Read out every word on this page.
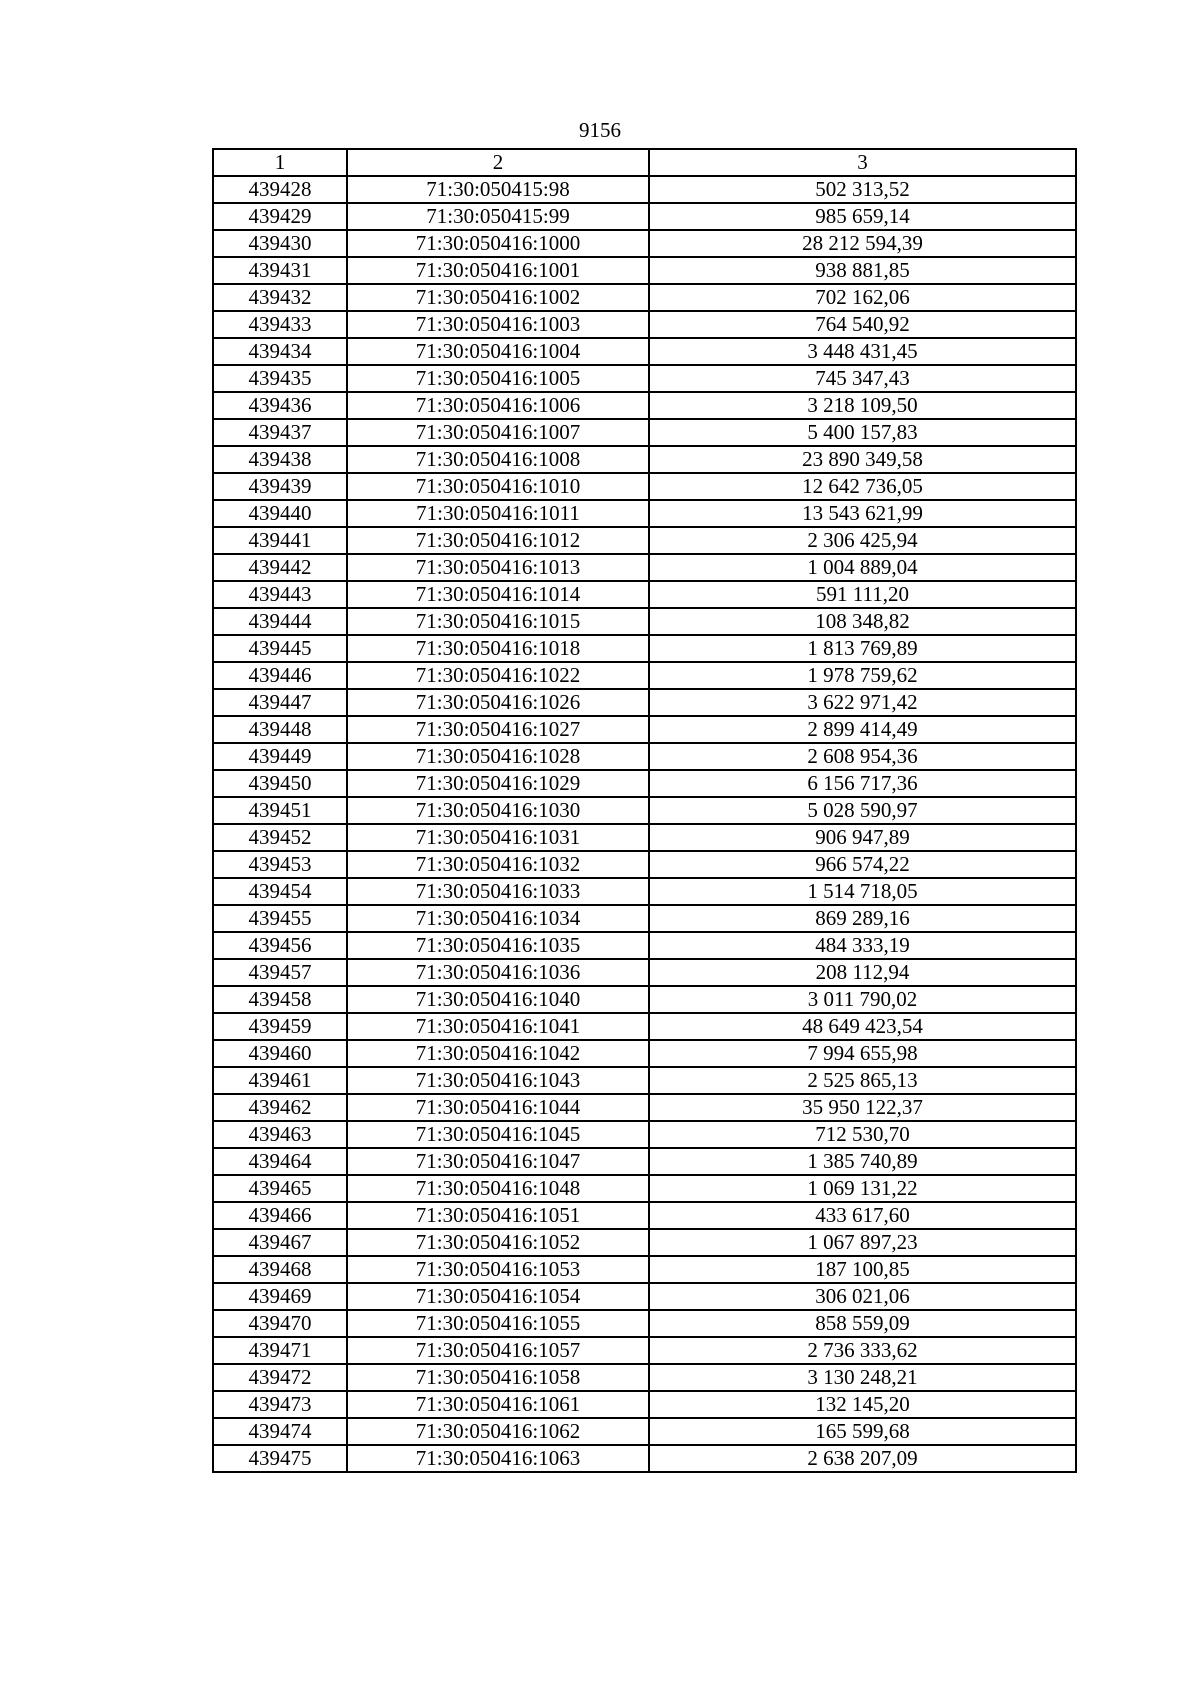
9156
1	2	3
439428	71:30:050415:98	502 313,52
439429	71:30:050415:99	985 659,14
439430	71:30:050416:1000	28 212 594,39
439431	71:30:050416:1001	938 881,85
439432	71:30:050416:1002	702 162,06
439433	71:30:050416:1003	764 540,92
439434	71:30:050416:1004	3 448 431,45
439435	71:30:050416:1005	745 347,43
439436	71:30:050416:1006	3 218 109,50
439437	71:30:050416:1007	5 400 157,83
439438	71:30:050416:1008	23 890 349,58
439439	71:30:050416:1010	12 642 736,05
439440	71:30:050416:1011	13 543 621,99
439441	71:30:050416:1012	2 306 425,94
439442	71:30:050416:1013	1 004 889,04
439443	71:30:050416:1014	591 111,20
439444	71:30:050416:1015	108 348,82
439445	71:30:050416:1018	1 813 769,89
439446	71:30:050416:1022	1 978 759,62
439447	71:30:050416:1026	3 622 971,42
439448	71:30:050416:1027	2 899 414,49
439449	71:30:050416:1028	2 608 954,36
439450	71:30:050416:1029	6 156 717,36
439451	71:30:050416:1030	5 028 590,97
439452	71:30:050416:1031	906 947,89
439453	71:30:050416:1032	966 574,22
439454	71:30:050416:1033	1 514 718,05
439455	71:30:050416:1034	869 289,16
439456	71:30:050416:1035	484 333,19
439457	71:30:050416:1036	208 112,94
439458	71:30:050416:1040	3 011 790,02
439459	71:30:050416:1041	48 649 423,54
439460	71:30:050416:1042	7 994 655,98
439461	71:30:050416:1043	2 525 865,13
439462	71:30:050416:1044	35 950 122,37
439463	71:30:050416:1045	712 530,70
439464	71:30:050416:1047	1 385 740,89
439465	71:30:050416:1048	1 069 131,22
439466	71:30:050416:1051	433 617,60
439467	71:30:050416:1052	1 067 897,23
439468	71:30:050416:1053	187 100,85
439469	71:30:050416:1054	306 021,06
439470	71:30:050416:1055	858 559,09
439471	71:30:050416:1057	2 736 333,62
439472	71:30:050416:1058	3 130 248,21
439473	71:30:050416:1061	132 145,20
439474	71:30:050416:1062	165 599,68
439475	71:30:050416:1063	2 638 207,09
